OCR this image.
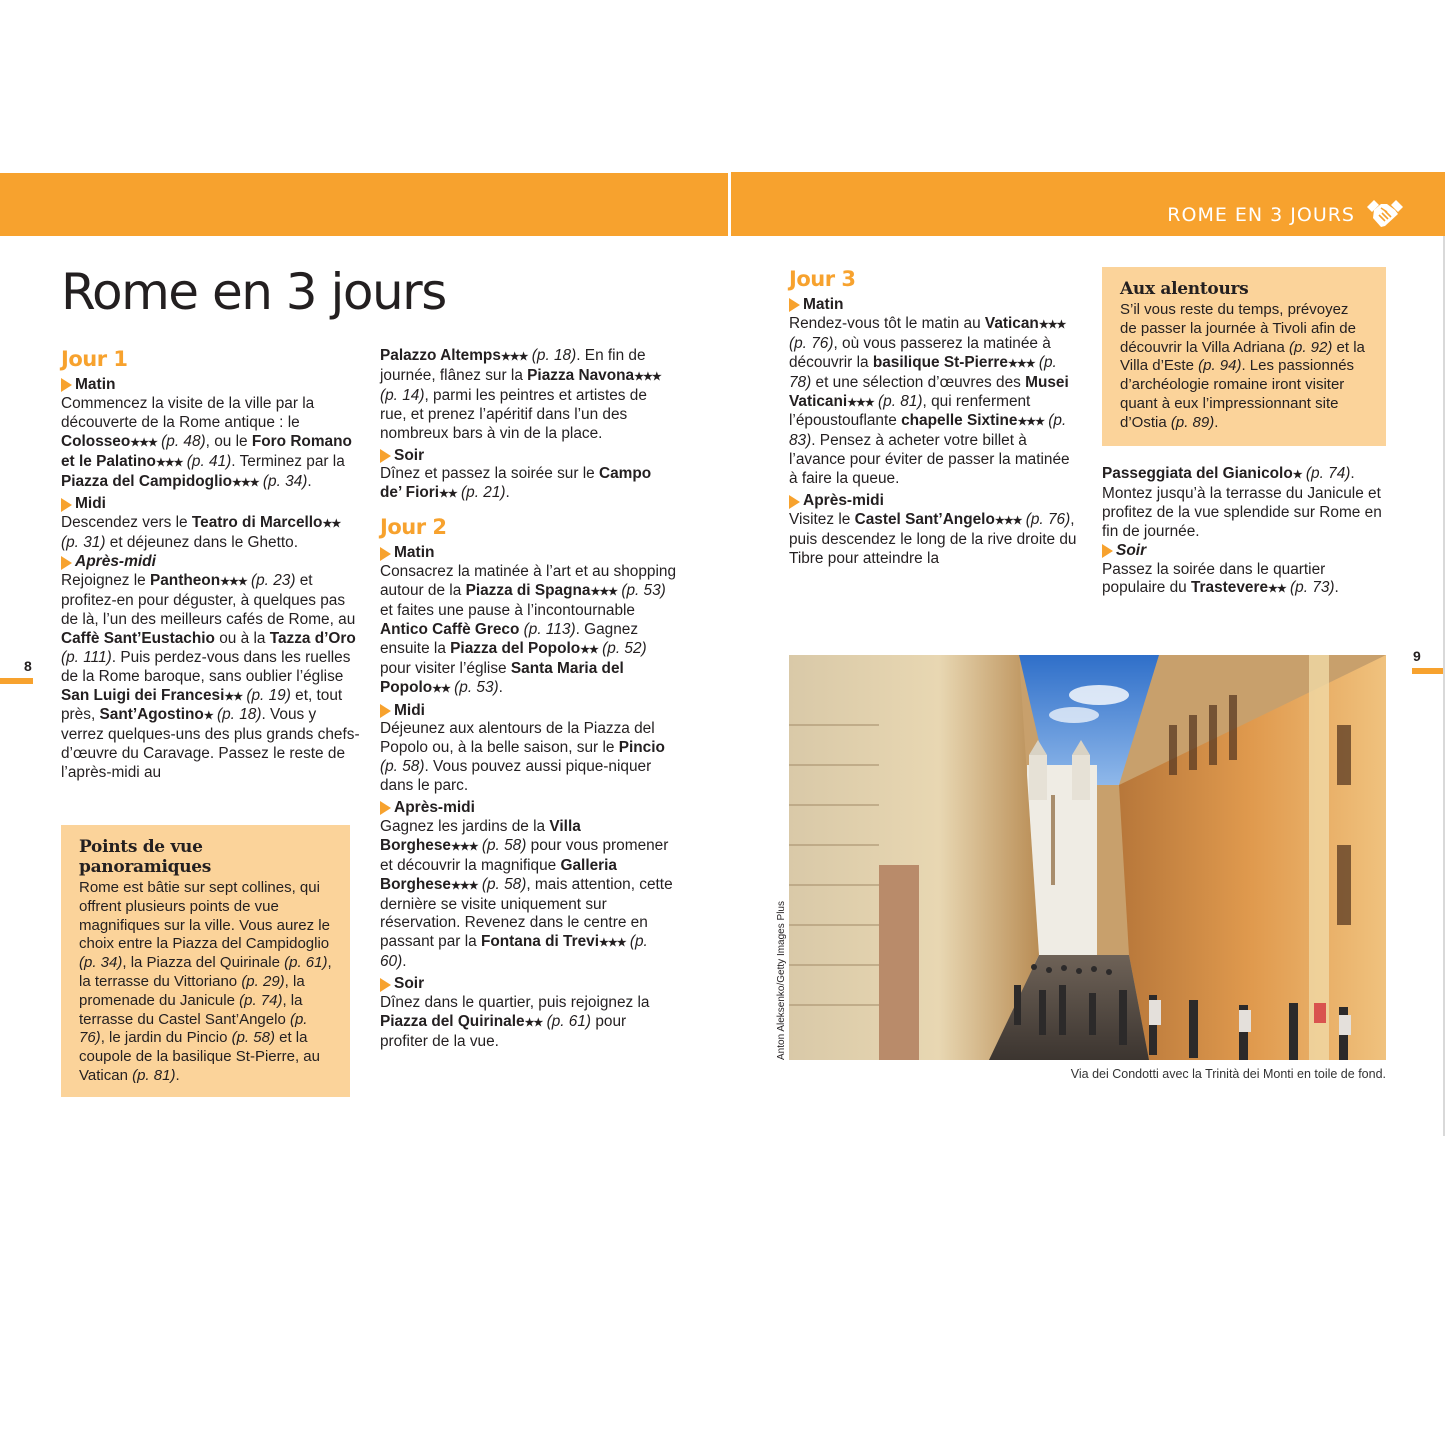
ROME EN 3 JOURS
Rome en 3 jours
Jour 1
Matin

Commencez la visite de la ville par la découverte de la Rome antique : le Colosseo★★★ (p. 48), ou le Foro Romano et le Palatino★★★ (p. 41). Terminez par la Piazza del Campidoglio★★★ (p. 34).

Midi

Descendez vers le Teatro di Marcello★★ (p. 31) et déjeunez dans le Ghetto.

Après-midi

Rejoignez le Pantheon★★★ (p. 23) et profitez-en pour déguster, à quelques pas de là, l’un des meilleurs cafés de Rome, au Caffè Sant’Eustachio ou à la Tazza d’Oro (p. 111). Puis perdez-vous dans les ruelles de la Rome baroque, sans oublier l’église San Luigi dei Francesi★★ (p. 19) et, tout près, Sant’Agostino★ (p. 18). Vous y verrez quelques-uns des plus grands chefs-d’œuvre du Caravage. Passez le reste de l’après-midi au

Points de vue panoramiques

Rome est bâtie sur sept collines, qui offrent plusieurs points de vue magnifiques sur la ville. Vous aurez le choix entre la Piazza del Campidoglio (p. 34), la Piazza del Quirinale (p. 61), la terrasse du Vittoriano (p. 29), la promenade du Janicule (p. 74), la terrasse du Castel Sant’Angelo (p. 76), le jardin du Pincio (p. 58) et la coupole de la basilique St-Pierre, au Vatican (p. 81).

Palazzo Altemps★★★ (p. 18). En fin de journée, flânez sur la Piazza Navona★★★ (p. 14), parmi les peintres et artistes de rue, et prenez l’apéritif dans l’un des nombreux bars à vin de la place.

Soir

Dînez et passez la soirée sur le Campo de’ Fiori★★ (p. 21).

Jour 2
Matin

Consacrez la matinée à l’art et au shopping autour de la Piazza di Spagna★★★ (p. 53) et faites une pause à l’incontournable Antico Caffè Greco (p. 113). Gagnez ensuite la Piazza del Popolo★★ (p. 52) pour visiter l’église Santa Maria del Popolo★★ (p. 53).

Midi

Déjeunez aux alentours de la Piazza del Popolo ou, à la belle saison, sur le Pincio (p. 58). Vous pouvez aussi pique-niquer dans le parc.

Après-midi

Gagnez les jardins de la Villa Borghese★★★ (p. 58) pour vous promener et découvrir la magnifique Galleria Borghese★★★ (p. 58), mais attention, cette dernière se visite uniquement sur réservation. Revenez dans le centre en passant par la Fontana di Trevi★★★ (p. 60).

Soir

Dînez dans le quartier, puis rejoignez la Piazza del Quirinale★★ (p. 61) pour profiter de la vue.

Jour 3
Matin

Rendez-vous tôt le matin au Vatican★★★ (p. 76), où vous passerez la matinée à découvrir la basilique St-Pierre★★★ (p. 78) et une sélection d’œuvres des Musei Vaticani★★★ (p. 81), qui renferment l’époustouflante chapelle Sixtine★★★ (p. 83). Pensez à acheter votre billet à l’avance pour éviter de passer la matinée à faire la queue.

Après-midi

Visitez le Castel Sant’Angelo★★★ (p. 76), puis descendez le long de la rive droite du Tibre pour atteindre la

Aux alentours

S’il vous reste du temps, prévoyez de passer la journée à Tivoli afin de découvrir la Villa Adriana (p. 92) et la Villa d’Este (p. 94). Les passionnés d’archéologie romaine iront visiter quant à eux l’impressionnant site d’Ostia (p. 89).

Passeggiata del Gianicolo★ (p. 74). Montez jusqu’à la terrasse du Janicule et profitez de la vue splendide sur Rome en fin de journée.

Soir

Passez la soirée dans le quartier populaire du Trastevere★★ (p. 73).

8
9
Anton Aleksenko/Getty Images Plus
Via dei Condotti avec la Trinità dei Monti en toile de fond.
